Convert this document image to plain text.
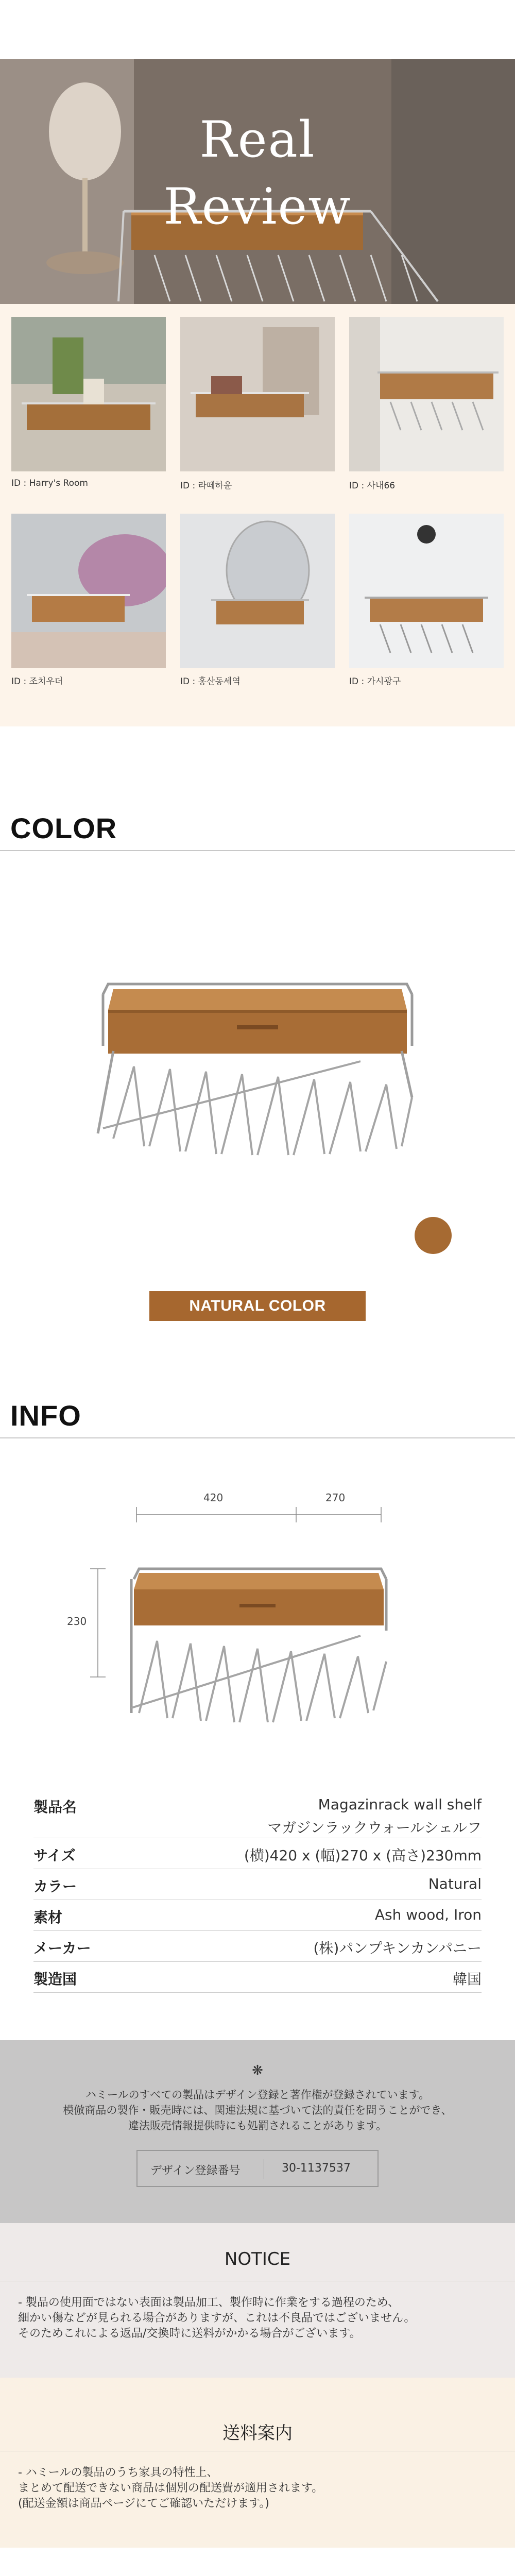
Real
Review
ID : Harry's Room	ID : 라떼하윤	ID : 사내66
ID : 조치우더	ID : 홍산동세역	ID : 가시광구
COLOR
NATURAL COLOR
INFO
420	270
230
製品名	Magazinrack wall shelf
マガジンラックウォールシェルフ
サイズ	(横)420 x (幅)270 x (高さ)230mm
カラー	Natural
素材	Ash wood, Iron
メーカー	(株)パンプキンカンパニー
製造国	韓国
❋
ハミールのすべての製品はデザイン登録と著作権が登録されています。
模倣商品の製作・販売時には、関連法規に基づいて法的責任を問うことができ、
違法販売情報提供時にも処罰されることがあります。
デザイン登録番号	30-1137537
NOTICE
- 製品の使用面ではない表面は製品加工、製作時に作業をする過程のため、
細かい傷などが見られる場合がありますが、これは不良品ではございません。
そのためこれによる返品/交換時に送料がかかる場合がございます。
送料案内
- ハミールの製品のうち家具の特性上、
まとめて配送できない商品は個別の配送費が適用されます。
(配送金額は商品ページにてご確認いただけます。)
